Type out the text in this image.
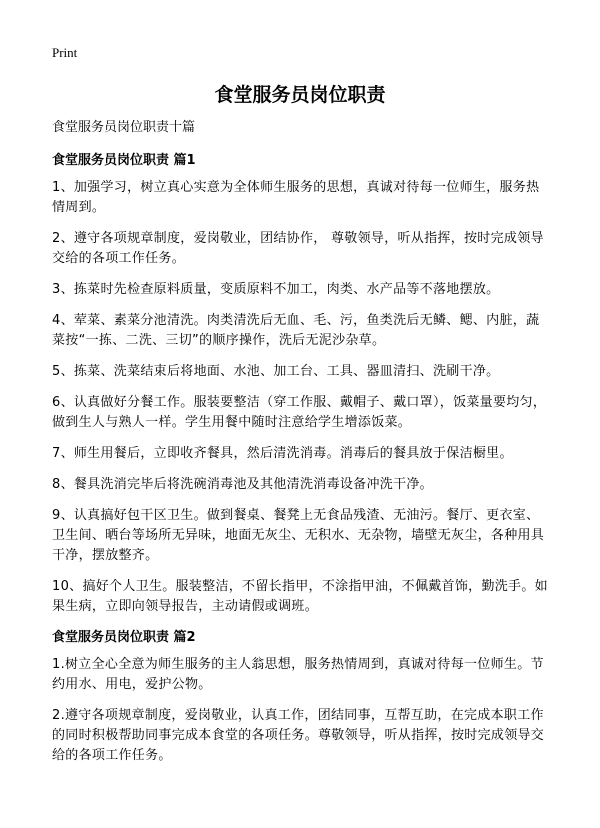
Print
食堂服务员岗位职责
食堂服务员岗位职责十篇
食堂服务员岗位职责 篇1
1、加强学习，树立真心实意为全体师生服务的思想，真诚对待每一位师生，服务热情周到。
2、遵守各项规章制度，爱岗敬业，团结协作， 尊敬领导，听从指挥，按时完成领导交给的各项工作任务。
3、拣菜时先检查原料质量，变质原料不加工，肉类、水产品等不落地摆放。
4、荤菜、素菜分池清洗。肉类清洗后无血、毛、污，鱼类洗后无鳞、鳃、内脏，蔬菜按“一拣、二洗、三切”的顺序操作，洗后无泥沙杂草。
5、拣菜、洗菜结束后将地面、水池、加工台、工具、器皿清扫、洗刷干净。
6、认真做好分餐工作。服装要整洁（穿工作服、戴帽子、戴口罩），饭菜量要均匀，做到生人与熟人一样。学生用餐中随时注意给学生增添饭菜。
7、师生用餐后，立即收齐餐具，然后清洗消毒。消毒后的餐具放于保洁橱里。
8、餐具洗消完毕后将洗碗消毒池及其他清洗消毒设备冲洗干净。
9、认真搞好包干区卫生。做到餐桌、餐凳上无食品残渣、无油污。餐厅、更衣室、卫生间、晒台等场所无异味，地面无灰尘、无积水、无杂物，墙壁无灰尘，各种用具干净，摆放整齐。
10、搞好个人卫生。服装整洁，不留长指甲，不涂指甲油，不佩戴首饰，勤洗手。如果生病，立即向领导报告，主动请假或调班。
食堂服务员岗位职责 篇2
1.树立全心全意为师生服务的主人翁思想，服务热情周到，真诚对待每一位师生。节约用水、用电，爱护公物。
2.遵守各项规章制度，爱岗敬业，认真工作，团结同事，互帮互助，在完成本职工作的同时积极帮助同事完成本食堂的各项任务。尊敬领导，听从指挥，按时完成领导交给的各项工作任务。
